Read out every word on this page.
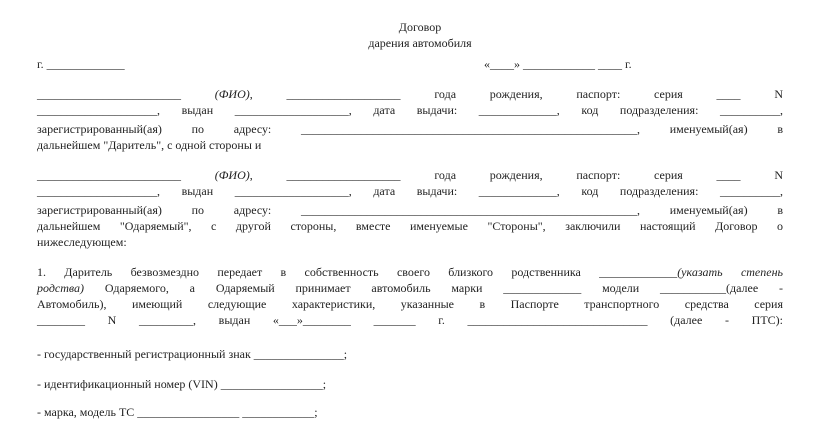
Договор
дарения автомобиля
г. _____________	«____» ____________ ____ г.
________________________ (ФИО), ___________________ года рождения, паспорт: серия ____ N
____________________, выдан ___________________, дата выдачи: _____________, код подразделения: __________,
зарегистрированный(ая) по адресу: ________________________________________________________, именуемый(ая) в
дальнейшем "Даритель", с одной стороны и
________________________ (ФИО), ___________________ года рождения, паспорт: серия ____ N
____________________, выдан ___________________, дата выдачи: _____________, код подразделения: __________,
зарегистрированный(ая) по адресу: ________________________________________________________, именуемый(ая) в
дальнейшем "Одаряемый", с другой стороны, вместе именуемые "Стороны", заключили настоящий Договор о
нижеследующем:
1. Даритель безвозмездно передает в собственность своего близкого родственника _____________(указать степень
родства) Одаряемого, а Одаряемый принимает автомобиль марки _____________ модели ___________(далее -
Автомобиль), имеющий следующие характеристики, указанные в Паспорте транспортного средства серия
________ N _________, выдан «___»________ _______ г. ______________________________ (далее - ПТС):
- государственный регистрационный знак _______________;
- идентификационный номер (VIN) _________________;
- марка, модель ТС _________________ ____________;
